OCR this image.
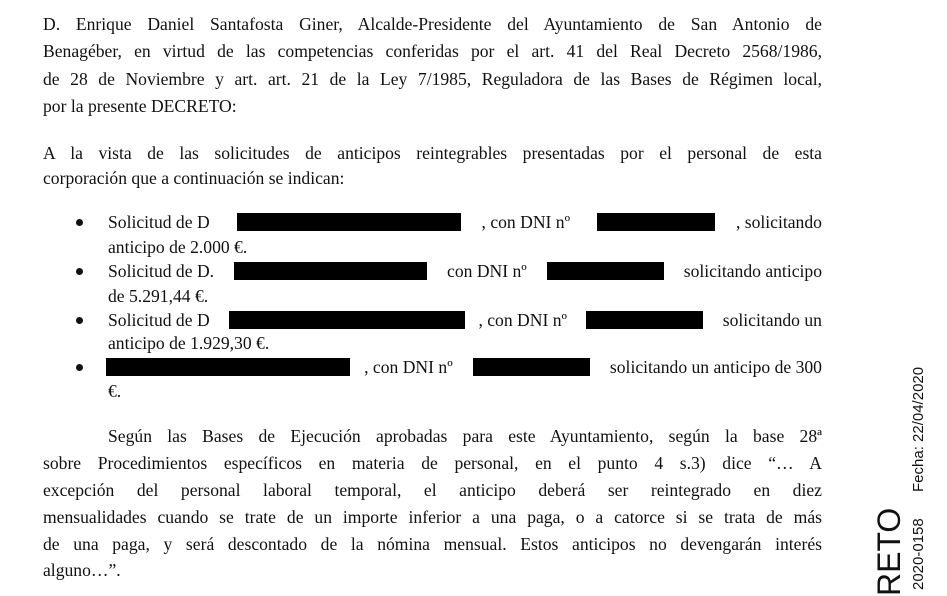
D. Enrique Daniel Santafosta Giner, Alcalde-Presidente del Ayuntamiento de San Antonio de
Benagéber, en virtud de las competencias conferidas por el art. 41 del Real Decreto 2568/1986,
de 28 de Noviembre y art. art. 21 de la Ley 7/1985, Reguladora de las Bases de Régimen local,
por la presente DECRETO:
A la vista de las solicitudes de anticipos reintegrables presentadas por el personal de esta
corporación que a continuación se indican:
Solicitud de D	, con DNI nº	, solicitando
anticipo de 2.000 €.
Solicitud de D.	con DNI nº	solicitando anticipo
de 5.291,44 €.
Solicitud de D	, con DNI nº	solicitando un
anticipo de 1.929,30 €.
, con DNI nº	solicitando un anticipo de 300
€.
Según las Bases de Ejecución aprobadas para este Ayuntamiento, según la base 28ª
sobre Procedimientos específicos en materia de personal, en el punto 4 s.3) dice “… A
excepción del personal laboral temporal, el anticipo deberá ser reintegrado en diez
mensualidades cuando se trate de un importe inferior a una paga, o a catorce si se trata de más
de una paga, y será descontado de la nómina mensual. Estos anticipos no devengarán interés
alguno…”.	RETO 2020-0158
Fecha: 22/04/2020
